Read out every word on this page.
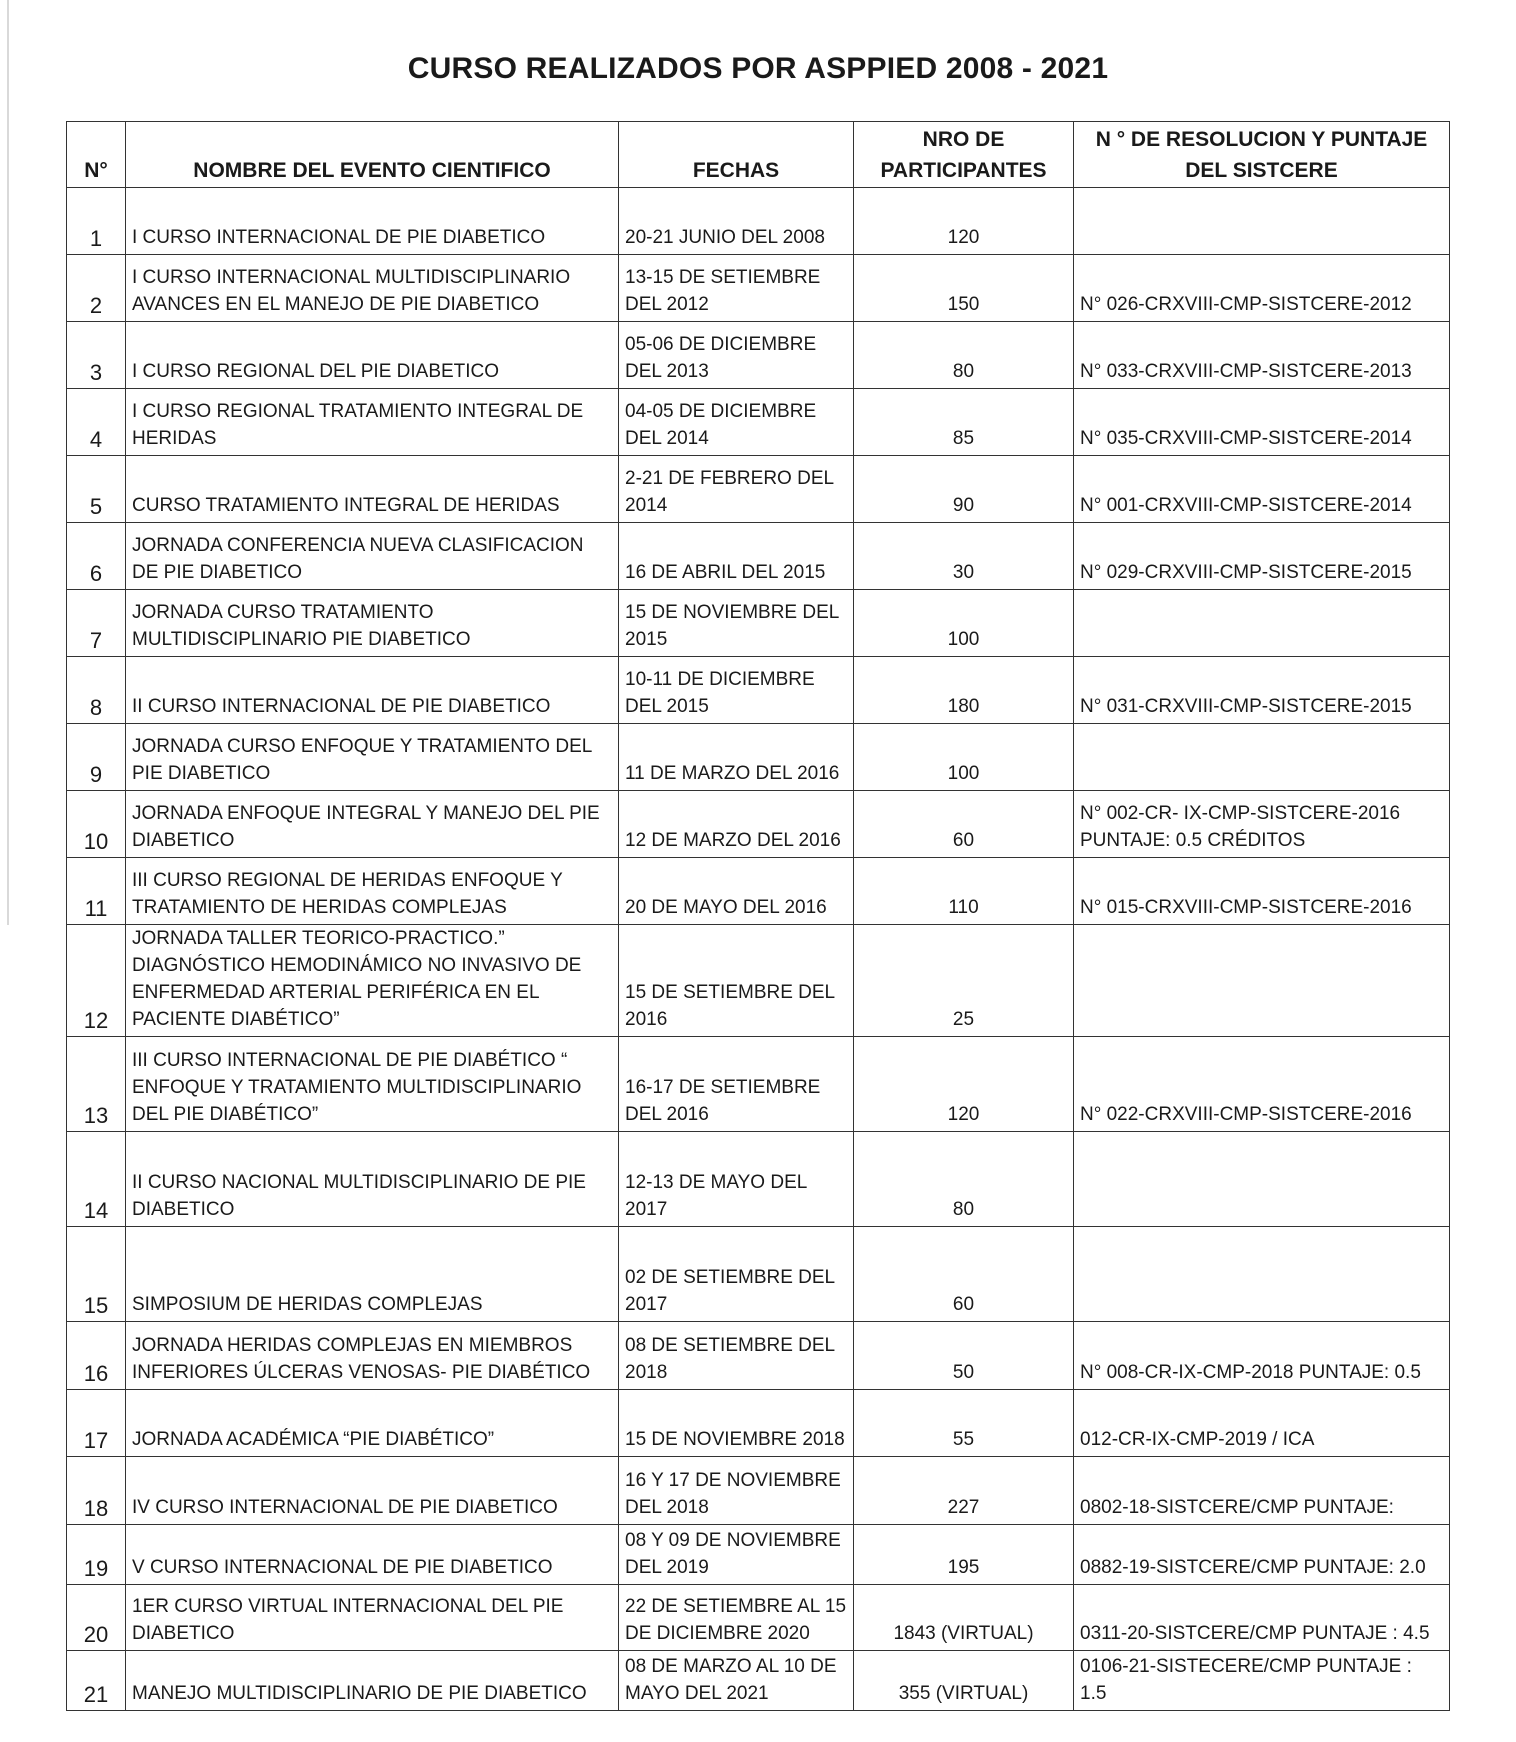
CURSO REALIZADOS POR ASPPIED 2008 - 2021
N°	NOMBRE DEL EVENTO CIENTIFICO	FECHAS	NRO DE PARTICIPANTES	N ° DE RESOLUCION Y PUNTAJE DEL SISTCERE
1	I CURSO INTERNACIONAL DE PIE DIABETICO	20-21 JUNIO DEL 2008	120	
2	I CURSO INTERNACIONAL MULTIDISCIPLINARIO AVANCES EN EL MANEJO DE PIE DIABETICO	13-15 DE SETIEMBRE DEL 2012	150	N° 026-CRXVIII-CMP-SISTCERE-2012
3	I CURSO REGIONAL DEL PIE DIABETICO	05-06 DE DICIEMBRE DEL 2013	80	N° 033-CRXVIII-CMP-SISTCERE-2013
4	I CURSO REGIONAL TRATAMIENTO INTEGRAL DE HERIDAS	04-05 DE DICIEMBRE DEL 2014	85	N° 035-CRXVIII-CMP-SISTCERE-2014
5	CURSO TRATAMIENTO INTEGRAL DE HERIDAS	2-21 DE FEBRERO DEL 2014	90	N° 001-CRXVIII-CMP-SISTCERE-2014
6	JORNADA CONFERENCIA NUEVA CLASIFICACION DE PIE DIABETICO	16 DE ABRIL DEL 2015	30	N° 029-CRXVIII-CMP-SISTCERE-2015
7	JORNADA CURSO TRATAMIENTO MULTIDISCIPLINARIO PIE DIABETICO	15 DE NOVIEMBRE DEL 2015	100	
8	II CURSO INTERNACIONAL DE PIE DIABETICO	10-11 DE DICIEMBRE DEL 2015	180	N° 031-CRXVIII-CMP-SISTCERE-2015
9	JORNADA CURSO ENFOQUE Y TRATAMIENTO DEL PIE DIABETICO	11 DE MARZO DEL 2016	100	
10	JORNADA ENFOQUE INTEGRAL Y MANEJO DEL PIE DIABETICO	12 DE MARZO DEL 2016	60	N° 002-CR- IX-CMP-SISTCERE-2016 PUNTAJE: 0.5 CRÉDITOS
11	III CURSO REGIONAL DE HERIDAS ENFOQUE Y TRATAMIENTO DE HERIDAS COMPLEJAS	20 DE MAYO DEL 2016	110	N° 015-CRXVIII-CMP-SISTCERE-2016
12	JORNADA TALLER TEORICO-PRACTICO.” DIAGNÓSTICO HEMODINÁMICO NO INVASIVO DE ENFERMEDAD ARTERIAL PERIFÉRICA EN EL PACIENTE DIABÉTICO”	15 DE SETIEMBRE DEL 2016	25	
13	III CURSO INTERNACIONAL DE PIE DIABÉTICO “ ENFOQUE Y TRATAMIENTO MULTIDISCIPLINARIO DEL PIE DIABÉTICO”	16-17 DE SETIEMBRE DEL 2016	120	N° 022-CRXVIII-CMP-SISTCERE-2016
14	II CURSO NACIONAL MULTIDISCIPLINARIO DE PIE DIABETICO	12-13 DE MAYO DEL 2017	80	
15	SIMPOSIUM DE HERIDAS COMPLEJAS	02 DE SETIEMBRE DEL 2017	60	
16	JORNADA HERIDAS COMPLEJAS EN MIEMBROS INFERIORES ÚLCERAS VENOSAS- PIE DIABÉTICO	08 DE SETIEMBRE DEL 2018	50	N° 008-CR-IX-CMP-2018 PUNTAJE: 0.5
17	JORNADA ACADÉMICA “PIE DIABÉTICO”	15 DE NOVIEMBRE 2018	55	012-CR-IX-CMP-2019 / ICA
18	IV CURSO INTERNACIONAL DE PIE DIABETICO	16 Y 17 DE NOVIEMBRE DEL 2018	227	0802-18-SISTCERE/CMP PUNTAJE:
19	V CURSO INTERNACIONAL DE PIE DIABETICO	08 Y 09 DE NOVIEMBRE DEL 2019	195	0882-19-SISTCERE/CMP PUNTAJE: 2.0
20	1ER CURSO VIRTUAL INTERNACIONAL DEL PIE DIABETICO	22 DE SETIEMBRE AL 15 DE DICIEMBRE 2020	1843 (VIRTUAL)	0311-20-SISTCERE/CMP PUNTAJE : 4.5
21	MANEJO MULTIDISCIPLINARIO DE PIE DIABETICO	08 DE MARZO AL 10 DE MAYO DEL 2021	355 (VIRTUAL)	0106-21-SISTECERE/CMP PUNTAJE : 1.5
